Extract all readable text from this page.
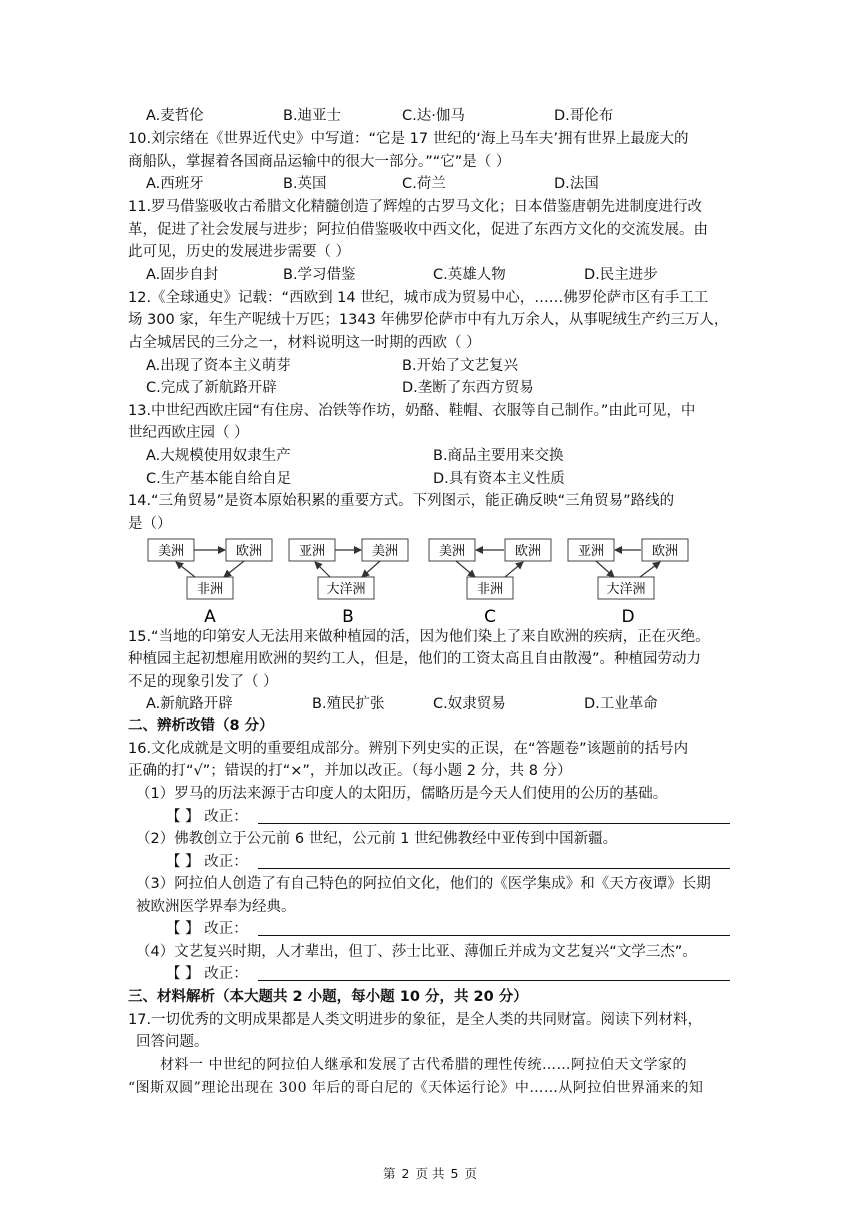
A.麦哲伦	B.迪亚士	C.达·伽马	D.哥伦布
10.刘宗绪在《世界近代史》中写道：“它是 17 世纪的‘海上马车夫’拥有世界上最庞大的
商船队，掌握着各国商品运输中的很大一部分。”“它”是（ ）
A.西班牙	B.英国	C.荷兰	D.法国
11.罗马借鉴吸收古希腊文化精髓创造了辉煌的古罗马文化；日本借鉴唐朝先进制度进行改
革，促进了社会发展与进步；阿拉伯借鉴吸收中西文化，促进了东西方文化的交流发展。由
此可见，历史的发展进步需要（ ）
A.固步自封	B.学习借鉴	C.英雄人物	D.民主进步
12.《全球通史》记载：“西欧到 14 世纪，城市成为贸易中心，……佛罗伦萨市区有手工工
场 300 家，年生产呢绒十万匹；1343 年佛罗伦萨市中有九万余人，从事呢绒生产约三万人，
占全城居民的三分之一，材料说明这一时期的西欧（ ）
A.出现了资本主义萌芽	B.开始了文艺复兴
C.完成了新航路开辟	D.垄断了东西方贸易
13.中世纪西欧庄园“有住房、冶铁等作坊，奶酪、鞋帽、衣服等自己制作。”由此可见，中
世纪西欧庄园（ ）
A.大规模使用奴隶生产	B.商品主要用来交换
C.生产基本能自给自足	D.具有资本主义性质
14.“三角贸易”是资本原始积累的重要方式。下列图示，能正确反映“三角贸易”路线的
是（）
美洲	欧洲
非洲
A
亚洲	美洲
大洋洲
B
美洲	欧洲
非洲
C
亚洲	欧洲
大洋洲
D
15.“当地的印第安人无法用来做种植园的活，因为他们染上了来自欧洲的疾病，正在灭绝。
种植园主起初想雇用欧洲的契约工人，但是，他们的工资太高且自由散漫”。种植园劳动力
不足的现象引发了（ ）
A.新航路开辟	B.殖民扩张	C.奴隶贸易	D.工业革命
二、辨析改错（8 分）
16.文化成就是文明的重要组成部分。辨别下列史实的正误，在“答题卷”该题前的括号内
正确的打“√”；错误的打“×”，并加以改正。（每小题 2 分，共 8 分）
（1）罗马的历法来源于古印度人的太阳历，儒略历是今天人们使用的公历的基础。
【 】 改正：
（2）佛教创立于公元前 6 世纪，公元前 1 世纪佛教经中亚传到中国新疆。
【 】 改正：
（3）阿拉伯人创造了有自己特色的阿拉伯文化，他们的《医学集成》和《天方夜谭》长期
被欧洲医学界奉为经典。
【 】 改正：
（4）文艺复兴时期，人才辈出，但丁、莎士比亚、薄伽丘并成为文艺复兴“文学三杰”。
【 】 改正：
三、材料解析（本大题共 2 小题，每小题 10 分，共 20 分）
17.一切优秀的文明成果都是人类文明进步的象征，是全人类的共同财富。阅读下列材料，
回答问题。
材料一 中世纪的阿拉伯人继承和发展了古代希腊的理性传统……阿拉伯天文学家的
“图斯双圆”理论出现在 300 年后的哥白尼的《天体运行论》中……从阿拉伯世界涌来的知
第 2 页 共 5 页
